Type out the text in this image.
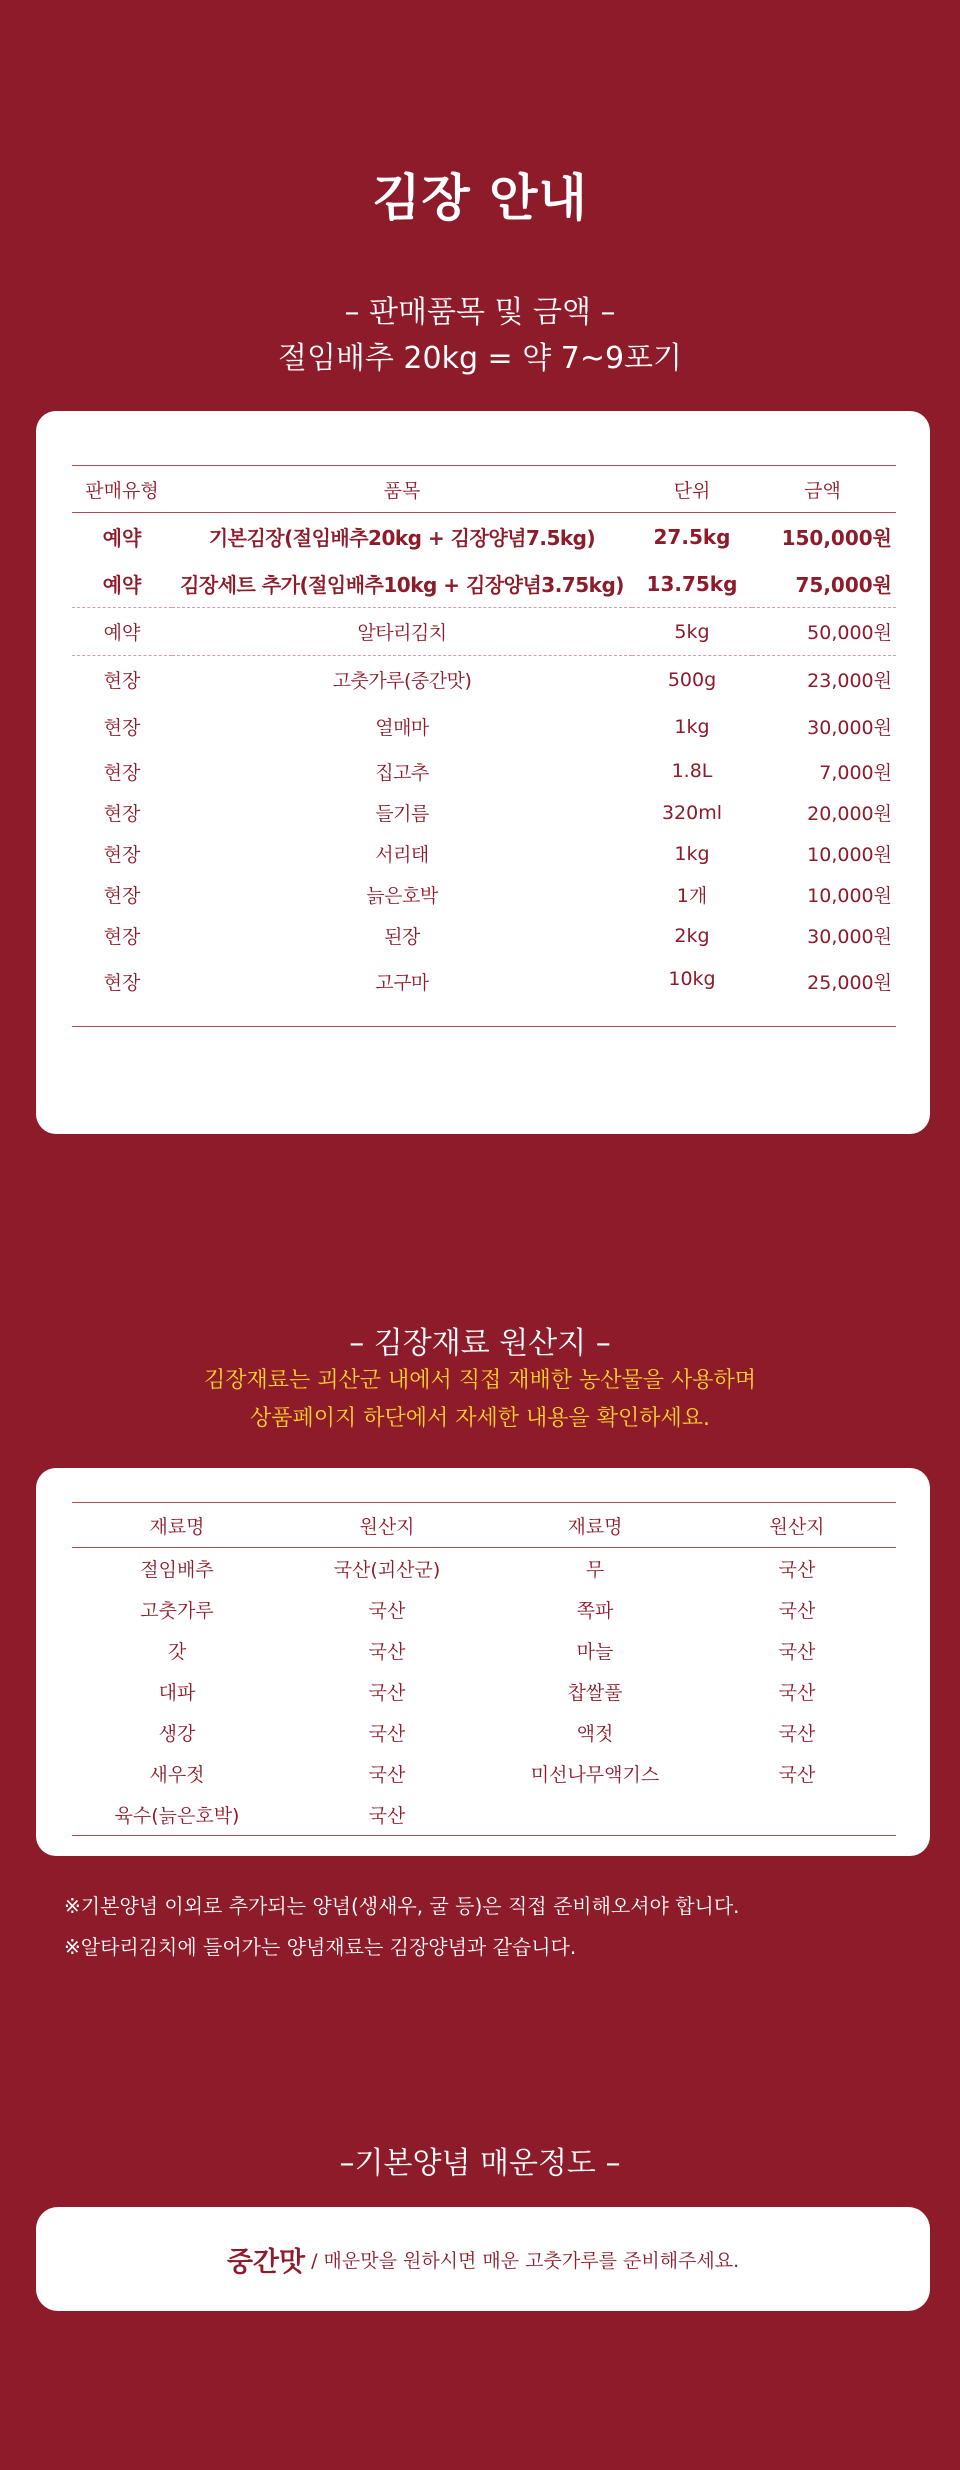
김장 안내
– 판매품목 및 금액 –
절임배추 20kg = 약 7~9포기
판매유형	품목	단위	금액
예약	기본김장(절임배추20kg + 김장양념7.5kg)	27.5kg	150,000원
예약	김장세트 추가(절임배추10kg + 김장양념3.75kg)	13.75kg	75,000원
예약	알타리김치	5kg	50,000원
현장	고춧가루(중간맛)	500g	23,000원
현장	열매마	1kg	30,000원
현장	집고추	1.8L	7,000원
현장	들기름	320ml	20,000원
현장	서리태	1kg	10,000원
현장	늙은호박	1개	10,000원
현장	된장	2kg	30,000원
현장	고구마	10kg	25,000원
– 김장재료 원산지 –
김장재료는 괴산군 내에서 직접 재배한 농산물을 사용하며
상품페이지 하단에서 자세한 내용을 확인하세요.
재료명	원산지	재료명	원산지
절임배추	국산(괴산군)	무	국산
고춧가루	국산	쪽파	국산
갓	국산	마늘	국산
대파	국산	찹쌀풀	국산
생강	국산	액젓	국산
새우젓	국산	미선나무액기스	국산
육수(늙은호박)	국산		
※기본양념 이외로 추가되는 양념(생새우, 굴 등)은 직접 준비해오셔야 합니다.
※알타리김치에 들어가는 양념재료는 김장양념과 같습니다.
–기본양념 매운정도 –
중간맛 / 매운맛을 원하시면 매운 고춧가루를 준비해주세요.
